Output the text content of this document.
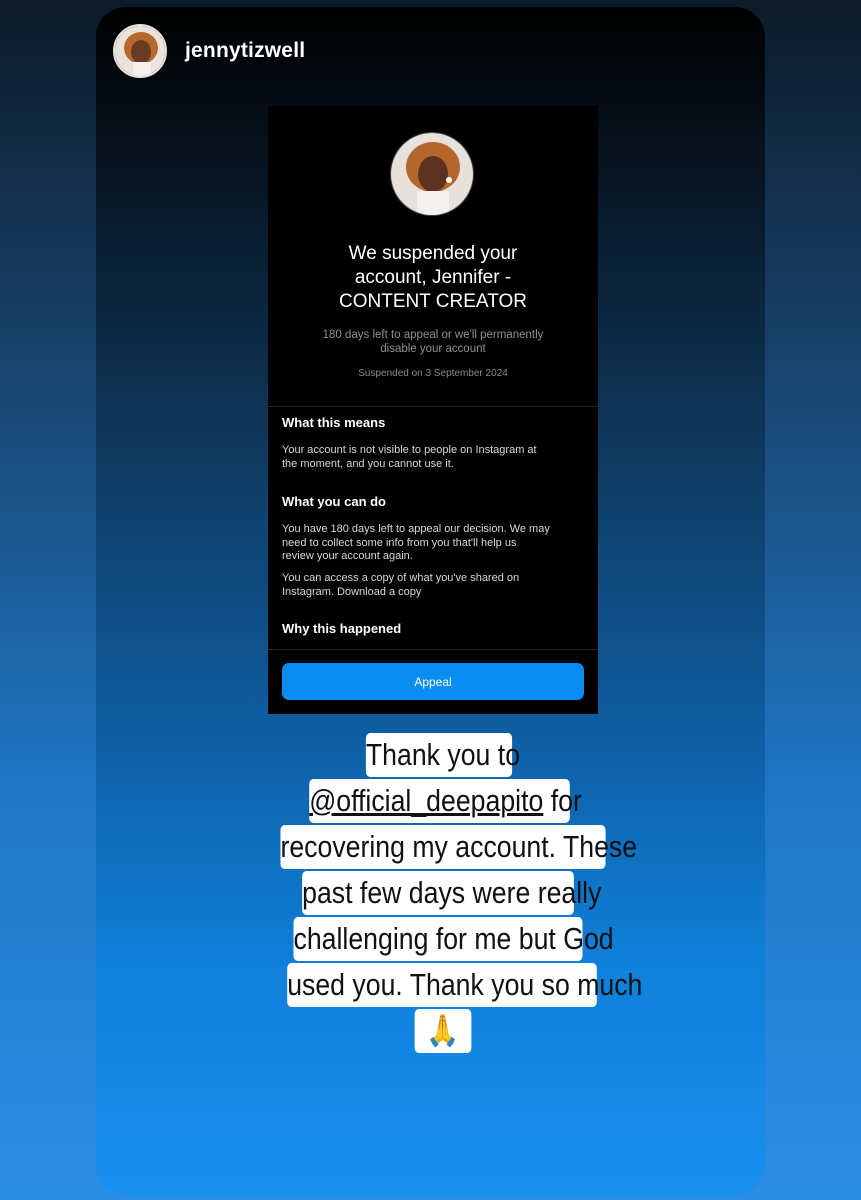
jennytizwell
We suspended your
account, Jennifer -
CONTENT CREATOR
180 days left to appeal or we'll permanently
disable your account
Suspended on 3 September 2024
What this means
Your account is not visible to people on Instagram at
the moment, and you cannot use it.
What you can do
You have 180 days left to appeal our decision. We may
need to collect some info from you that'll help us
review your account again.
You can access a copy of what you've shared on
Instagram. Download a copy
Why this happened
Appeal
Thank you to
@official_deepapito for
recovering my account. These
past few days were really
challenging for me but God
used you. Thank you so much
🙏
